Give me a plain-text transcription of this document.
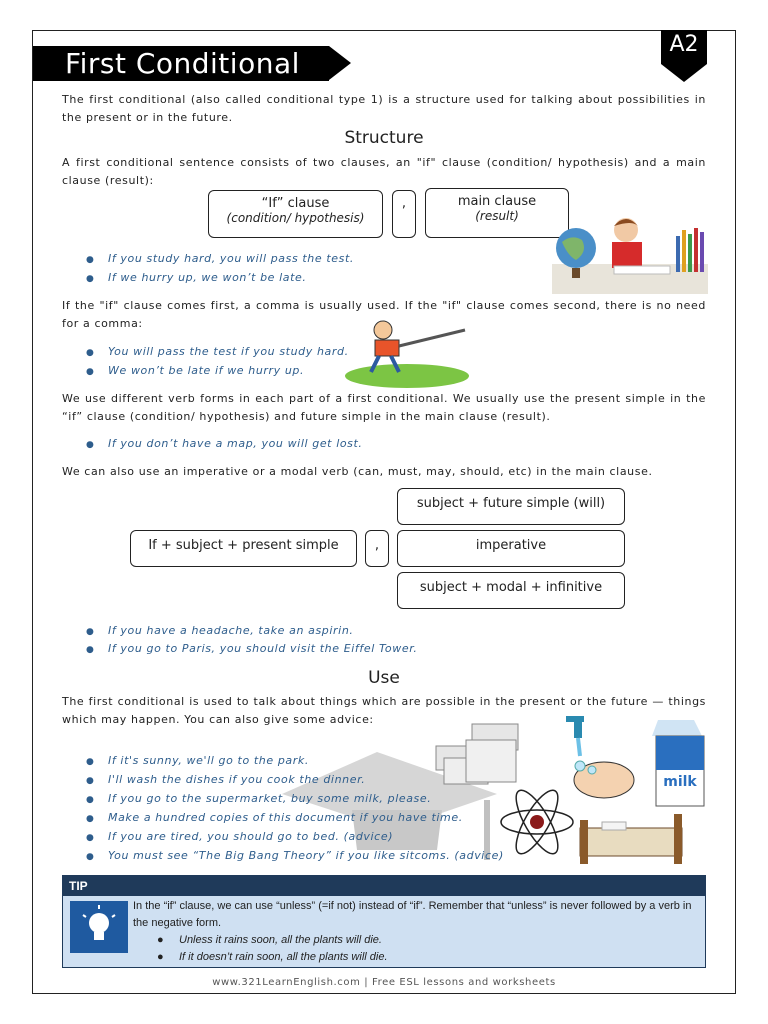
First Conditional
A2
The first conditional (also called conditional type 1) is a structure used for talking about possibilities in the present or in the future.
Structure
A first conditional sentence consists of two clauses, an "if" clause (condition/ hypothesis) and a main clause (result):
“If” clause
(condition/ hypothesis)
,	main clause
(result)
● If you study hard, you will pass the test.
● If we hurry up, we won’t be late.
If the "if" clause comes first, a comma is usually used. If the "if" clause comes second, there is no need for a comma:
● You will pass the test if you study hard.
● We won’t be late if we hurry up.
We use different verb forms in each part of a first conditional. We usually use the present simple in the “if” clause (condition/ hypothesis) and future simple in the main clause (result).
● If you don’t have a map, you will get lost.
We can also use an imperative or a modal verb (can, must, may, should, etc) in the main clause.
subject + future simple (will)
If + subject + present simple	,	imperative
subject + modal + infinitive
● If you have a headache, take an aspirin.
● If you go to Paris, you should visit the Eiffel Tower.
Use
The first conditional is used to talk about things which are possible in the present or the future — things which may happen. You can also give some advice:
milk
● If it's sunny, we'll go to the park.
● I'll wash the dishes if you cook the dinner.
● If you go to the supermarket, buy some milk, please.
● Make a hundred copies of this document if you have time.
● If you are tired, you should go to bed. (advice)
● You must see “The Big Bang Theory” if you like sitcoms. (advice)
TIP
In the “if” clause, we can use “unless” (=if not) instead of “if”. Remember that “unless” is never followed by a verb in the negative form.
● Unless it rains soon, all the plants will die.
● If it doesn’t rain soon, all the plants will die.
www.321LearnEnglish.com | Free ESL lessons and worksheets
